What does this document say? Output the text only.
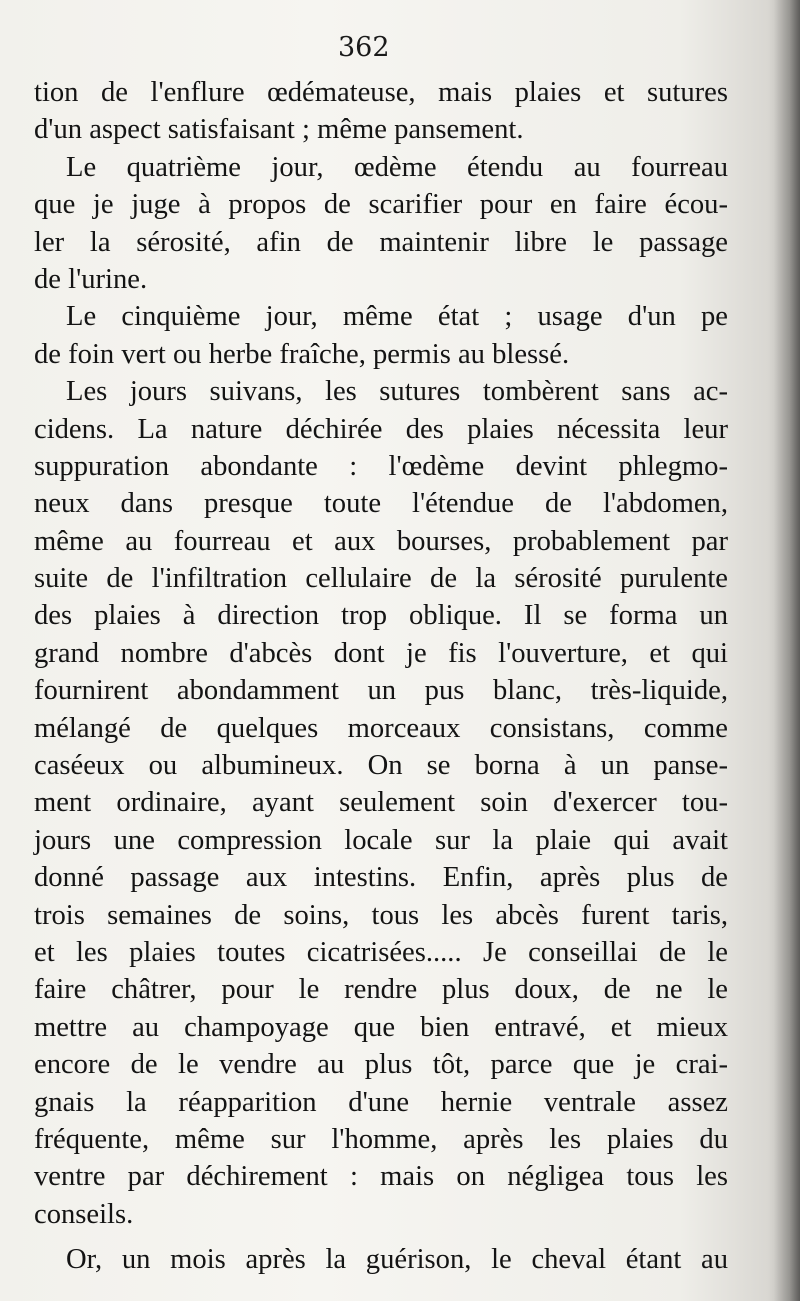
362
tion de l'enflure œdémateuse, mais plaies et sutures
d'un aspect satisfaisant ; même pansement.
Le quatrième jour, œdème étendu au fourreau
que je juge à propos de scarifier pour en faire écou-
ler la sérosité, afin de maintenir libre le passage
de l'urine.
Le cinquième jour, même état ; usage d'un pe
de foin vert ou herbe fraîche, permis au blessé.
Les jours suivans, les sutures tombèrent sans ac-
cidens. La nature déchirée des plaies nécessita leur
suppuration abondante : l'œdème devint phlegmo-
neux dans presque toute l'étendue de l'abdomen,
même au fourreau et aux bourses, probablement par
suite de l'infiltration cellulaire de la sérosité purulente
des plaies à direction trop oblique. Il se forma un
grand nombre d'abcès dont je fis l'ouverture, et qui
fournirent abondamment un pus blanc, très-liquide,
mélangé de quelques morceaux consistans, comme
caséeux ou albumineux. On se borna à un panse-
ment ordinaire, ayant seulement soin d'exercer tou-
jours une compression locale sur la plaie qui avait
donné passage aux intestins. Enfin, après plus de
trois semaines de soins, tous les abcès furent taris,
et les plaies toutes cicatrisées..... Je conseillai de le
faire châtrer, pour le rendre plus doux, de ne le
mettre au champoyage que bien entravé, et mieux
encore de le vendre au plus tôt, parce que je crai-
gnais la réapparition d'une hernie ventrale assez
fréquente, même sur l'homme, après les plaies du
ventre par déchirement : mais on négligea tous les
conseils.
Or, un mois après la guérison, le cheval étant au
